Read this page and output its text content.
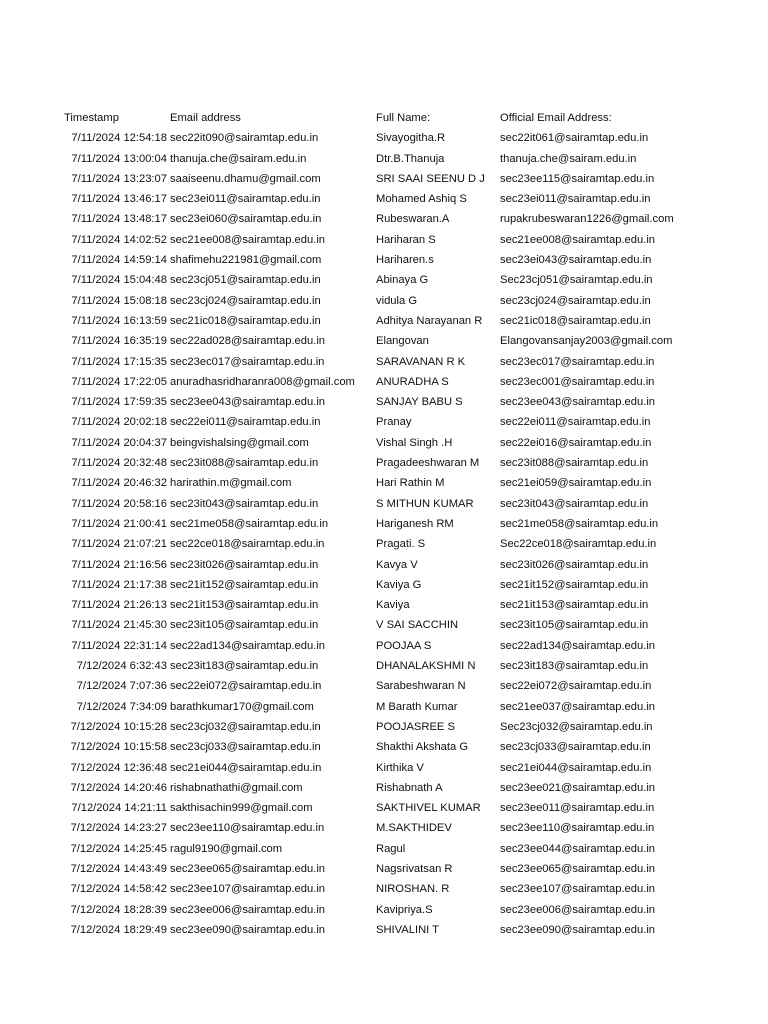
Timestamp	Email address	Full Name:	Official Email Address:
7/11/2024 12:54:18 sec22it090@sairamtap.edu.in	Sivayogitha.R	sec22it061@sairamtap.edu.in
7/11/2024 13:00:04 thanuja.che@sairam.edu.in	Dtr.B.Thanuja	thanuja.che@sairam.edu.in
7/11/2024 13:23:07 saaiseenu.dhamu@gmail.com	SRI SAAI SEENU D J	sec23ee115@sairamtap.edu.in
7/11/2024 13:46:17 sec23ei011@sairamtap.edu.in	Mohamed Ashiq S	sec23ei011@sairamtap.edu.in
7/11/2024 13:48:17 sec23ei060@sairamtap.edu.in	Rubeswaran.A	rupakrubeswaran1226@gmail.com
7/11/2024 14:02:52 sec21ee008@sairamtap.edu.in	Hariharan S	sec21ee008@sairamtap.edu.in
7/11/2024 14:59:14 shafimehu221981@gmail.com	Hariharen.s	sec23ei043@sairamtap.edu.in
7/11/2024 15:04:48 sec23cj051@sairamtap.edu.in	Abinaya G	Sec23cj051@sairamtap.edu.in
7/11/2024 15:08:18 sec23cj024@sairamtap.edu.in	vidula G	sec23cj024@sairamtap.edu.in
7/11/2024 16:13:59 sec21ic018@sairamtap.edu.in	Adhitya Narayanan R	sec21ic018@sairamtap.edu.in
7/11/2024 16:35:19 sec22ad028@sairamtap.edu.in	Elangovan	Elangovansanjay2003@gmail.com
7/11/2024 17:15:35 sec23ec017@sairamtap.edu.in	SARAVANAN R K	sec23ec017@sairamtap.edu.in
7/11/2024 17:22:05 anuradhasridharanra008@gmail.com	ANURADHA S	sec23ec001@sairamtap.edu.in
7/11/2024 17:59:35 sec23ee043@sairamtap.edu.in	SANJAY BABU S	sec23ee043@sairamtap.edu.in
7/11/2024 20:02:18 sec22ei011@sairamtap.edu.in	Pranay	sec22ei011@sairamtap.edu.in
7/11/2024 20:04:37 beingvishalsing@gmail.com	Vishal Singh .H	sec22ei016@sairamtap.edu.in
7/11/2024 20:32:48 sec23it088@sairamtap.edu.in	Pragadeeshwaran M	sec23it088@sairamtap.edu.in
7/11/2024 20:46:32 harirathin.m@gmail.com	Hari Rathin M	sec21ei059@sairamtap.edu.in
7/11/2024 20:58:16 sec23it043@sairamtap.edu.in	S MITHUN KUMAR	sec23it043@sairamtap.edu.in
7/11/2024 21:00:41 sec21me058@sairamtap.edu.in	Hariganesh RM	sec21me058@sairamtap.edu.in
7/11/2024 21:07:21 sec22ce018@sairamtap.edu.in	Pragati. S	Sec22ce018@sairamtap.edu.in
7/11/2024 21:16:56 sec23it026@sairamtap.edu.in	Kavya V	sec23it026@sairamtap.edu.in
7/11/2024 21:17:38 sec21it152@sairamtap.edu.in	Kaviya G	sec21it152@sairamtap.edu.in
7/11/2024 21:26:13 sec21it153@sairamtap.edu.in	Kaviya	sec21it153@sairamtap.edu.in
7/11/2024 21:45:30 sec23it105@sairamtap.edu.in	V SAI SACCHIN	sec23it105@sairamtap.edu.in
7/11/2024 22:31:14 sec22ad134@sairamtap.edu.in	POOJAA S	sec22ad134@sairamtap.edu.in
7/12/2024 6:32:43 sec23it183@sairamtap.edu.in	DHANALAKSHMI N	sec23it183@sairamtap.edu.in
7/12/2024 7:07:36 sec22ei072@sairamtap.edu.in	Sarabeshwaran N	sec22ei072@sairamtap.edu.in
7/12/2024 7:34:09 barathkumar170@gmail.com	M Barath Kumar	sec21ee037@sairamtap.edu.in
7/12/2024 10:15:28 sec23cj032@sairamtap.edu.in	POOJASREE S	Sec23cj032@sairamtap.edu.in
7/12/2024 10:15:58 sec23cj033@sairamtap.edu.in	Shakthi Akshata G	sec23cj033@sairamtap.edu.in
7/12/2024 12:36:48 sec21ei044@sairamtap.edu.in	Kirthika V	sec21ei044@sairamtap.edu.in
7/12/2024 14:20:46 rishabnathathi@gmail.com	Rishabnath A	sec23ee021@sairamtap.edu.in
7/12/2024 14:21:11 sakthisachin999@gmail.com	SAKTHIVEL KUMAR	sec23ee011@sairamtap.edu.in
7/12/2024 14:23:27 sec23ee110@sairamtap.edu.in	M.SAKTHIDEV	sec23ee110@sairamtap.edu.in
7/12/2024 14:25:45 ragul9190@gmail.com	Ragul	sec23ee044@sairamtap.edu.in
7/12/2024 14:43:49 sec23ee065@sairamtap.edu.in	Nagsrivatsan R	sec23ee065@sairamtap.edu.in
7/12/2024 14:58:42 sec23ee107@sairamtap.edu.in	NIROSHAN. R	sec23ee107@sairamtap.edu.in
7/12/2024 18:28:39 sec23ee006@sairamtap.edu.in	Kavipriya.S	sec23ee006@sairamtap.edu.in
7/12/2024 18:29:49 sec23ee090@sairamtap.edu.in	SHIVALINI T	sec23ee090@sairamtap.edu.in
